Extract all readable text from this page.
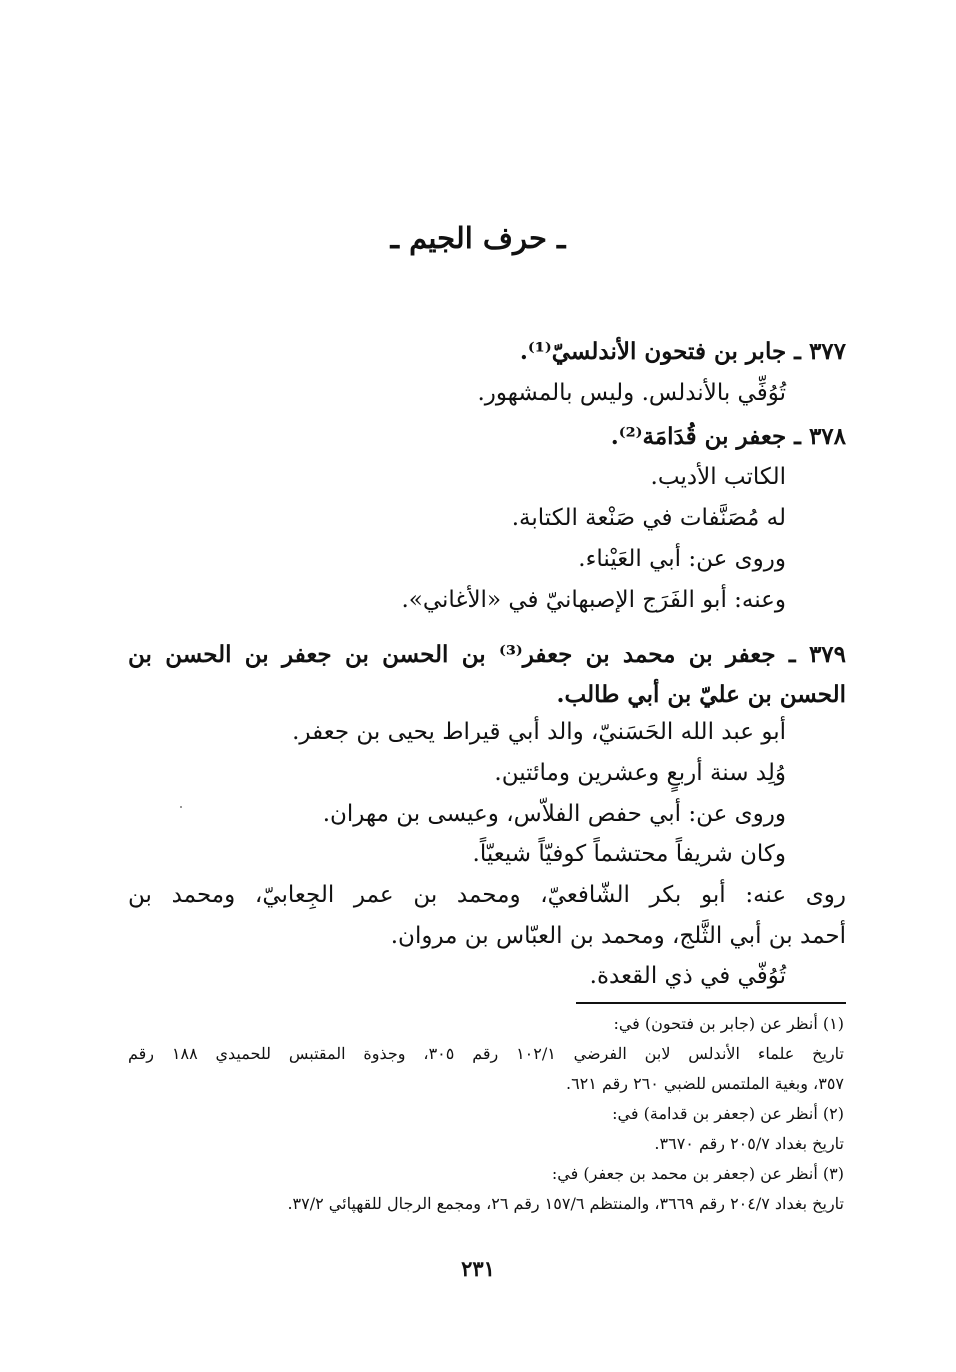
ـ حرف الجيم ـ
٣٧٧ ـ جابر بن فتحون الأندلسيّ⁽¹⁾.
تُوُفِّي بالأندلس. وليس بالمشهور.
٣٧٨ ـ جعفر بن قُدَامَة⁽²⁾.
الكاتب الأديب.
له مُصَنَّفات في صَنْعة الكتابة.
وروى عن: أبي العَيْناء.
وعنه: أبو الفَرَج الإصبهانيّ في «الأغاني».
٣٧٩ ـ جعفر بن محمد بن جعفر⁽³⁾ بن الحسن بن جعفر بن الحسن بن
الحسن بن عليّ بن أبي طالب.
أبو عبد الله الحَسَنيّ، والد أبي قيراط يحيى بن جعفر.
وُلِد سنة أربعٍ وعشرين ومائتين.
وروى عن: أبي حفص الفلاّس، وعيسى بن مهران.
وكان شريفاً محتشماً كوفيّاً شيعيّاً.
روى عنه: أبو بكر الشّافعيّ، ومحمد بن عمر الجِعابيّ، ومحمد بن
أحمد بن أبي الثَّلج، ومحمد بن العبّاس بن مروان.
تُوُفّي في ذي القعدة.
(١) أنظر عن (جابر بن فتحون) في:
تاريخ علماء الأندلس لابن الفرضي ١٠٢/١ رقم ٣٠٥، وجذوة المقتبس للحميدي ١٨٨ رقم
٣٥٧، وبغية الملتمس للضبي ٢٦٠ رقم ٦٢١.
(٢) أنظر عن (جعفر بن قدامة) في:
تاريخ بغداد ٢٠٥/٧ رقم ٣٦٧٠.
(٣) أنظر عن (جعفر بن محمد بن جعفر) في:
تاريخ بغداد ٢٠٤/٧ رقم ٣٦٦٩، والمنتظم ١٥٧/٦ رقم ٢٦، ومجمع الرجال للقهپائي ٣٧/٢.
٢٣١
